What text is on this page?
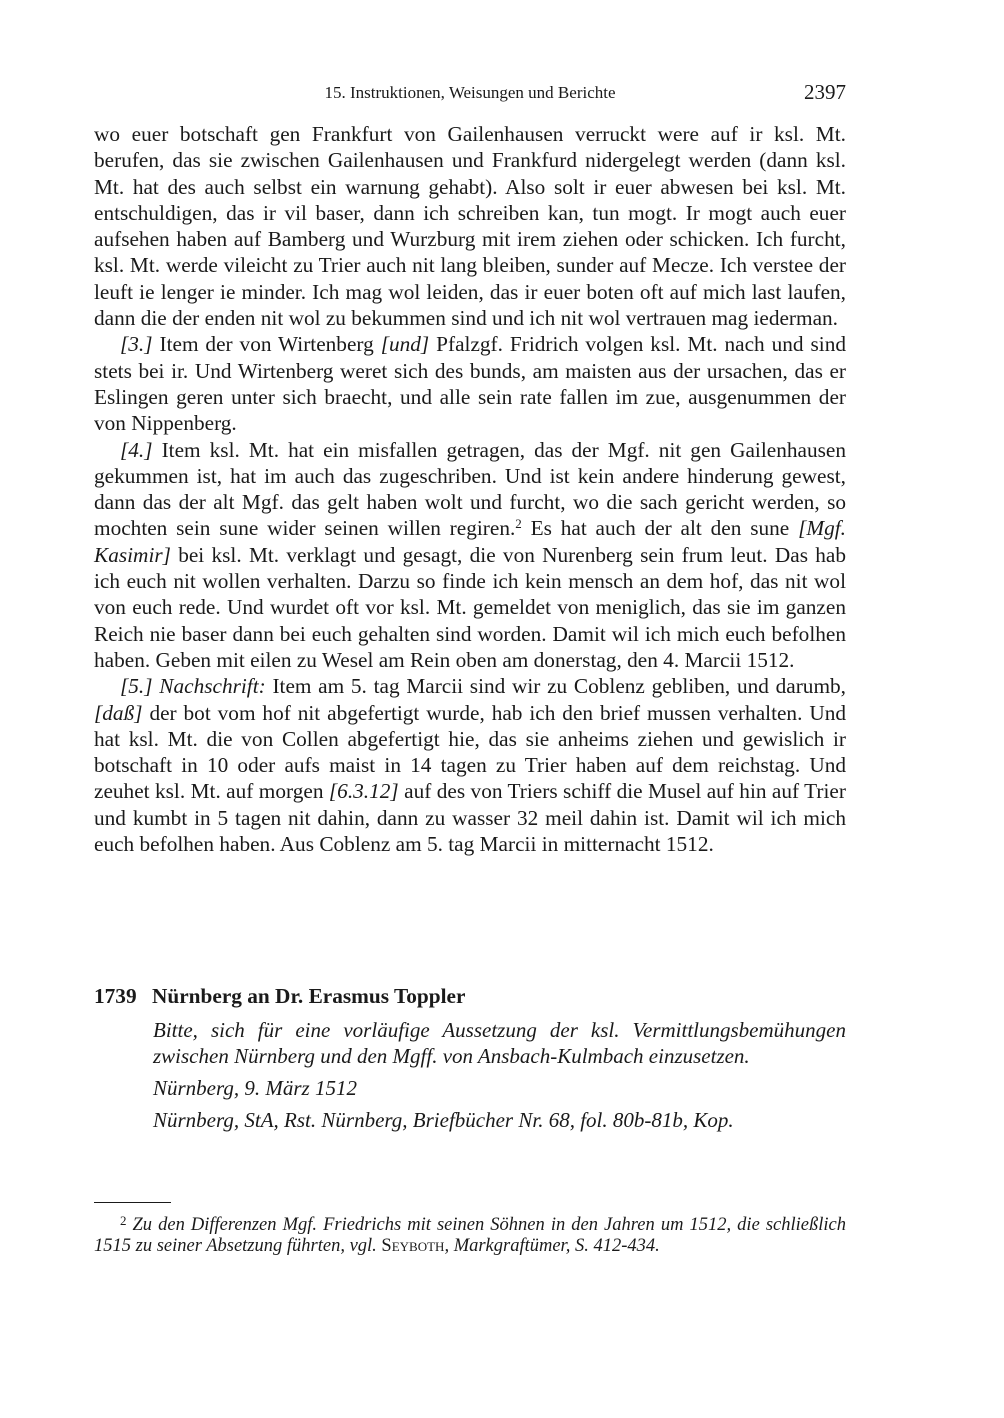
15. Instruktionen, Weisungen und Berichte	2397

wo euer botschaft gen Frankfurt von Gailenhausen verruckt were auf ir ksl. Mt. berufen, das sie zwischen Gailenhausen und Frankfurd nidergelegt werden (dann ksl. Mt. hat des auch selbst ein warnung gehabt). Also solt ir euer abwesen bei ksl. Mt. entschuldigen, das ir vil baser, dann ich schreiben kan, tun mogt. Ir mogt auch euer aufsehen haben auf Bamberg und Wurzburg mit irem ziehen oder schicken. Ich furcht, ksl. Mt. werde vileicht zu Trier auch nit lang bleiben, sunder auf Mecze. Ich verstee der leuft ie lenger ie minder. Ich mag wol leiden, das ir euer boten oft auf mich last laufen, dann die der enden nit wol zu bekummen sind und ich nit wol vertrauen mag iederman.

[3.] Item der von Wirtenberg [und] Pfalzgf. Fridrich volgen ksl. Mt. nach und sind stets bei ir. Und Wirtenberg weret sich des bunds, am maisten aus der ursachen, das er Eslingen geren unter sich braecht, und alle sein rate fallen im zue, ausgenummen der von Nippenberg.

[4.] Item ksl. Mt. hat ein misfallen getragen, das der Mgf. nit gen Gailenhausen gekummen ist, hat im auch das zugeschriben. Und ist kein andere hinderung gewest, dann das der alt Mgf. das gelt haben wolt und furcht, wo die sach gericht werden, so mochten sein sune wider seinen willen regiren.$^2$ Es hat auch der alt den sune [Mgf. Kasimir] bei ksl. Mt. verklagt und gesagt, die von Nurenberg sein frum leut. Das hab ich euch nit wollen verhalten. Darzu so finde ich kein mensch an dem hof, das nit wol von euch rede. Und wurdet oft vor ksl. Mt. gemeldet von meniglich, das sie im ganzen Reich nie baser dann bei euch gehalten sind worden. Damit wil ich mich euch befolhen haben. Geben mit eilen zu Wesel am Rein oben am donerstag, den 4. Marcii 1512.

[5.] Nachschrift: Item am 5. tag Marcii sind wir zu Coblenz gebliben, und darumb, [daß] der bot vom hof nit abgefertigt wurde, hab ich den brief mussen verhalten. Und hat ksl. Mt. die von Collen abgefertigt hie, das sie anheims ziehen und gewislich ir botschaft in 10 oder aufs maist in 14 tagen zu Trier haben auf dem reichstag. Und zeuhet ksl. Mt. auf morgen [6.3.12] auf des von Triers schiff die Musel auf hin auf Trier und kumbt in 5 tagen nit dahin, dann zu wasser 32 meil dahin ist. Damit wil ich mich euch befolhen haben. Aus Coblenz am 5. tag Marcii in mitternacht 1512.

1739 Nürnberg an Dr. Erasmus Toppler

Bitte, sich für eine vorläufige Aussetzung der ksl. Vermittlungsbemühungen zwischen Nürnberg und den Mgff. von Ansbach-Kulmbach einzusetzen.

Nürnberg, 9. März 1512

Nürnberg, StA, Rst. Nürnberg, Briefbücher Nr. 68, fol. 80b-81b, Kop.

$^2$ Zu den Differenzen Mgf. Friedrichs mit seinen Söhnen in den Jahren um 1512, die schließlich 1515 zu seiner Absetzung führten, vgl. Seyboth, Markgraftümer, S. 412-434.
